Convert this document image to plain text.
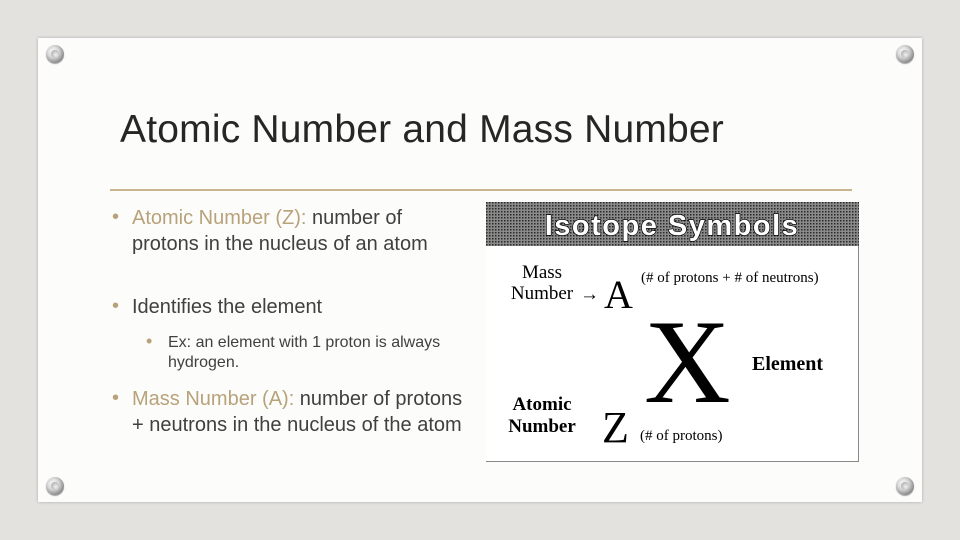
Atomic Number and Mass Number
• Atomic Number (Z): number of protons in the nucleus of an atom
• Identifies the element
• Ex: an element with 1 proton is always hydrogen.
• Mass Number (A): number of protons + neutrons in the nucleus of the atom
Isotope Symbols
Mass
Number → A (# of protons + # of neutrons)
X Element
Atomic
Number Z (# of protons)
